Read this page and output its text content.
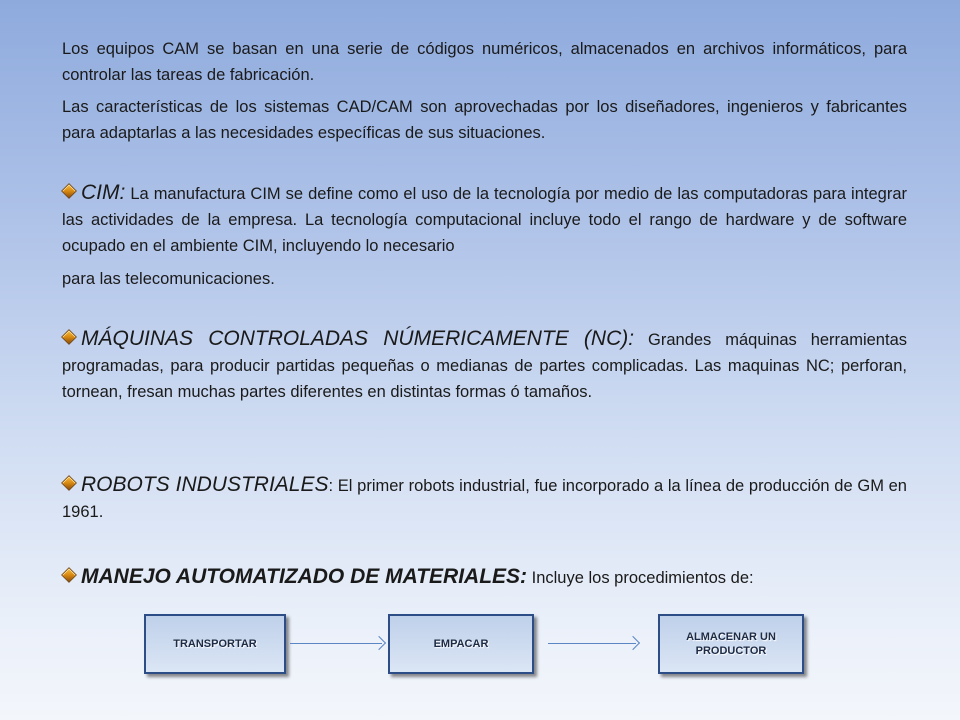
Los equipos CAM se basan en una serie de códigos numéricos, almacenados en archivos informáticos, para controlar las tareas de fabricación.
Las características de los sistemas CAD/CAM son aprovechadas por los diseñadores, ingenieros y fabricantes para adaptarlas a las necesidades específicas de sus situaciones.
CIM: La manufactura CIM se define como el uso de la tecnología por medio de las computadoras para integrar las actividades de la empresa. La tecnología computacional incluye todo el rango de hardware y de software ocupado en el ambiente CIM, incluyendo lo necesario
para las telecomunicaciones.
MÁQUINAS CONTROLADAS NÚMERICAMENTE (NC): Grandes máquinas herramientas programadas, para producir partidas pequeñas o medianas de partes complicadas. Las maquinas NC; perforan, tornean, fresan muchas partes diferentes en distintas formas ó tamaños.
ROBOTS INDUSTRIALES: El primer robots industrial, fue incorporado a la línea de producción de GM en 1961.
MANEJO AUTOMATIZADO DE MATERIALES: Incluye los procedimientos de:
TRANSPORTAR	EMPACAR
ALMACENAR UN PRODUCTOR
